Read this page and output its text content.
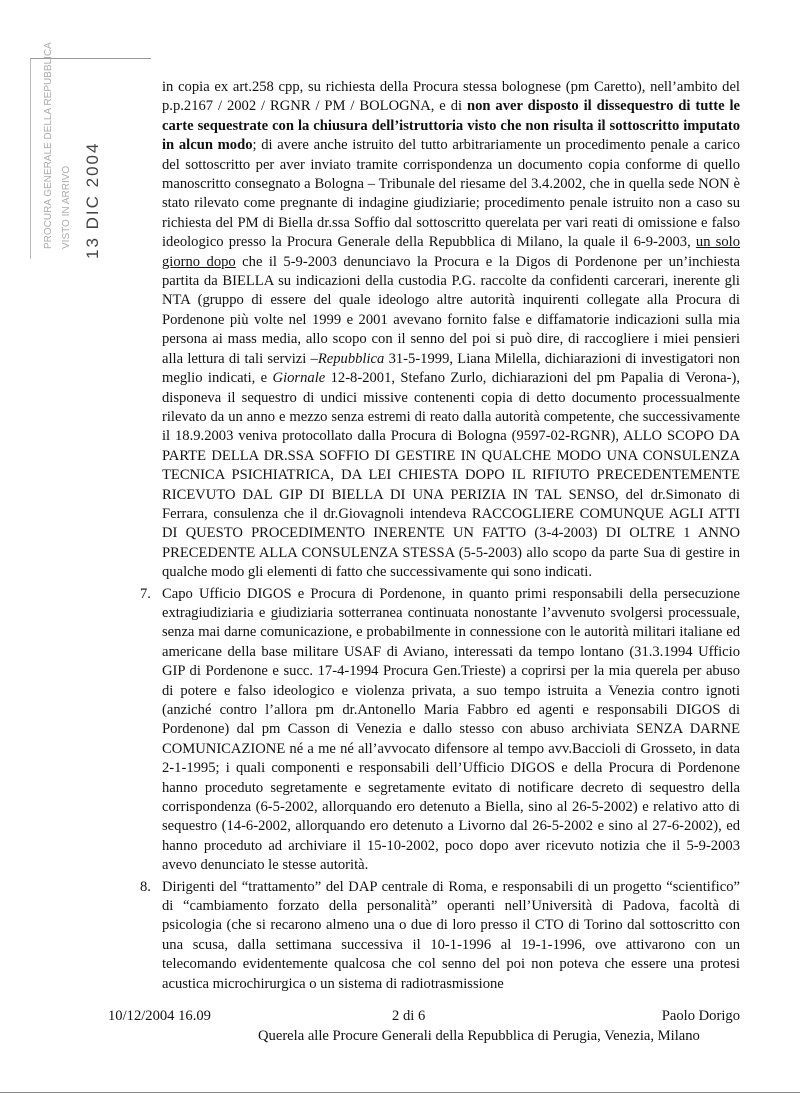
PROCURA GENERALE DELLA REPUBBLICA VISTO IN ARRIVO 13 DIC 2004

in copia ex art.258 cpp, su richiesta della Procura stessa bolognese (pm Caretto), nell’ambito del p.p.2167 / 2002 / RGNR / PM / BOLOGNA, e di non aver disposto il dissequestro di tutte le carte sequestrate con la chiusura dell’istruttoria visto che non risulta il sottoscritto imputato in alcun modo; di avere anche istruito del tutto arbitrariamente un procedimento penale a carico del sottoscritto per aver inviato tramite corrispondenza un documento copia conforme di quello manoscritto consegnato a Bologna – Tribunale del riesame del 3.4.2002, che in quella sede NON è stato rilevato come pregnante di indagine giudiziarie; procedimento penale istruito non a caso su richiesta del PM di Biella dr.ssa Soffio dal sottoscritto querelata per vari reati di omissione e falso ideologico presso la Procura Generale della Repubblica di Milano, la quale il 6-9-2003, un solo giorno dopo che il 5-9-2003 denunciavo la Procura e la Digos di Pordenone per un’inchiesta partita da BIELLA su indicazioni della custodia P.G. raccolte da confidenti carcerari, inerente gli NTA (gruppo di essere del quale ideologo altre autorità inquirenti collegate alla Procura di Pordenone più volte nel 1999 e 2001 avevano fornito false e diffamatorie indicazioni sulla mia persona ai mass media, allo scopo con il senno del poi si può dire, di raccogliere i miei pensieri alla lettura di tali servizi –Repubblica 31-5-1999, Liana Milella, dichiarazioni di investigatori non meglio indicati, e Giornale 12-8-2001, Stefano Zurlo, dichiarazioni del pm Papalia di Verona-), disponeva il sequestro di undici missive contenenti copia di detto documento processualmente rilevato da un anno e mezzo senza estremi di reato dalla autorità competente, che successivamente il 18.9.2003 veniva protocollato dalla Procura di Bologna (9597-02-RGNR), ALLO SCOPO DA PARTE DELLA DR.SSA SOFFIO DI GESTIRE IN QUALCHE MODO UNA CONSULENZA TECNICA PSICHIATRICA, DA LEI CHIESTA DOPO IL RIFIUTO PRECEDENTEMENTE RICEVUTO DAL GIP DI BIELLA DI UNA PERIZIA IN TAL SENSO, del dr.Simonato di Ferrara, consulenza che il dr.Giovagnoli intendeva RACCOGLIERE COMUNQUE AGLI ATTI DI QUESTO PROCEDIMENTO INERENTE UN FATTO (3-4-2003) DI OLTRE 1 ANNO PRECEDENTE ALLA CONSULENZA STESSA (5-5-2003) allo scopo da parte Sua di gestire in qualche modo gli elementi di fatto che successivamente qui sono indicati.

7. Capo Ufficio DIGOS e Procura di Pordenone, in quanto primi responsabili della persecuzione extragiudiziaria e giudiziaria sotterranea continuata nonostante l’avvenuto svolgersi processuale, senza mai darne comunicazione, e probabilmente in connessione con le autorità militari italiane ed americane della base militare USAF di Aviano, interessati da tempo lontano (31.3.1994 Ufficio GIP di Pordenone e succ. 17-4-1994 Procura Gen.Trieste) a coprirsi per la mia querela per abuso di potere e falso ideologico e violenza privata, a suo tempo istruita a Venezia contro ignoti (anziché contro l’allora pm dr.Antonello Maria Fabbro ed agenti e responsabili DIGOS di Pordenone) dal pm Casson di Venezia e dallo stesso con abuso archiviata SENZA DARNE COMUNICAZIONE né a me né all’avvocato difensore al tempo avv.Baccioli di Grosseto, in data 2-1-1995; i quali componenti e responsabili dell’Ufficio DIGOS e della Procura di Pordenone hanno proceduto segretamente e segretamente evitato di notificare decreto di sequestro della corrispondenza (6-5-2002, allorquando ero detenuto a Biella, sino al 26-5-2002) e relativo atto di sequestro (14-6-2002, allorquando ero detenuto a Livorno dal 26-5-2002 e sino al 27-6-2002), ed hanno proceduto ad archiviare il 15-10-2002, poco dopo aver ricevuto notizia che il 5-9-2003 avevo denunciato le stesse autorità.

8. Dirigenti del “trattamento” del DAP centrale di Roma, e responsabili di un progetto “scientifico” di “cambiamento forzato della personalità” operanti nell’Università di Padova, facoltà di psicologia (che si recarono almeno una o due di loro presso il CTO di Torino dal sottoscritto con una scusa, dalla settimana successiva il 10-1-1996 al 19-1-1996, ove attivarono con un telecomando evidentemente qualcosa che col senno del poi non poteva che essere una protesi acustica microchirurgica o un sistema di radiotrasmissione

10/12/2004 16.09	2 di 6	Paolo Dorigo
Querela alle Procure Generali della Repubblica di Perugia, Venezia, Milano
